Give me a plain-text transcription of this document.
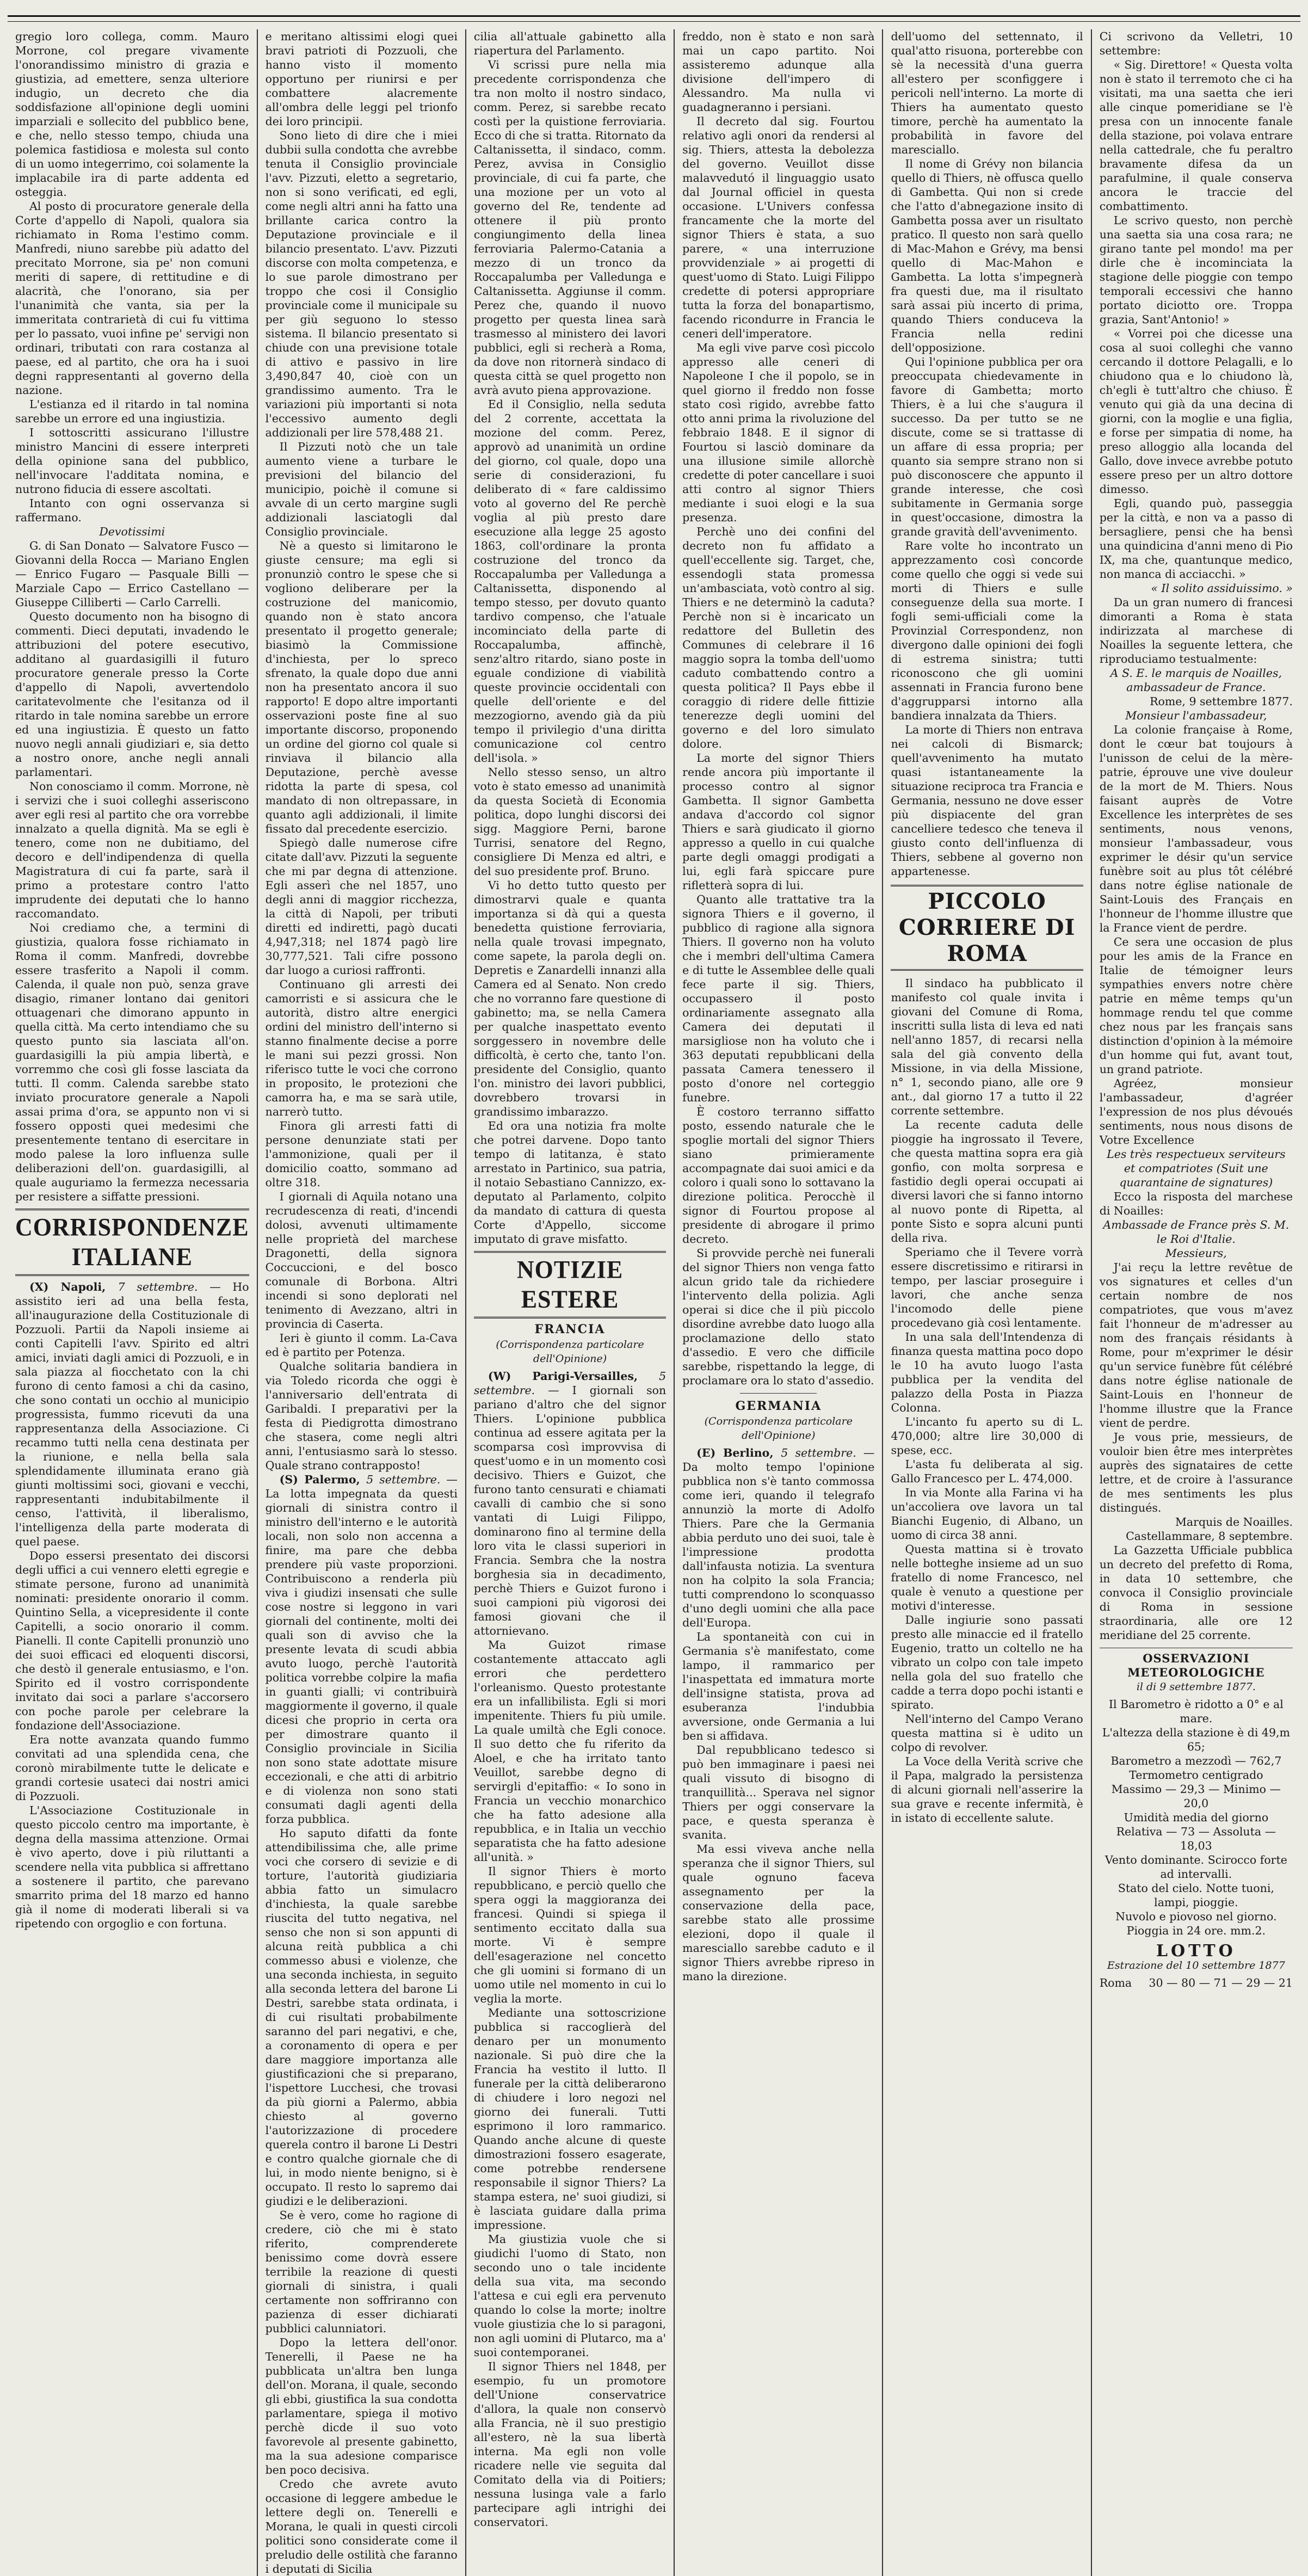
gregio loro collega, comm. Mauro Morrone, col pregare vivamente l'onorandissimo ministro di grazia e giustizia, ad emettere, senza ulteriore indugio, un decreto che dia soddisfazione all'opinione degli uomini imparziali e sollecito del pubblico bene, e che, nello stesso tempo, chiuda una polemica fastidiosa e molesta sul conto di un uomo integerrimo, coi solamente la implacabile ira di parte addenta ed osteggia.

Al posto di procuratore generale della Corte d'appello di Napoli, qualora sia richiamato in Roma l'estimo comm. Manfredi, niuno sarebbe più adatto del precitato Morrone, sia pe' non comuni meriti di sapere, di rettitudine e di alacrità, che l'onorano, sia per l'unanimità che vanta, sia per la immeritata contrarietà di cui fu vittima per lo passato, vuoi infine pe' servigi non ordinari, tributati con rara costanza al paese, ed al partito, che ora ha i suoi degni rappresentanti al governo della nazione.

L'estianza ed il ritardo in tal nomina sarebbe un errore ed una ingiustizia.

I sottoscritti assicurano l'illustre ministro Mancini di essere interpreti della opinione sana del pubblico, nell'invocare l'additata nomina, e nutrono fiducia di essere ascoltati.

Intanto con ogni osservanza si raffermano.

Devotissimi

G. di San Donato — Salvatore Fusco — Giovanni della Rocca — Mariano Englen — Enrico Fugaro — Pasquale Billi — Marziale Capo — Errico Castellano — Giuseppe Cilliberti — Carlo Carrelli.

Questo documento non ha bisogno di commenti. Dieci deputati, invadendo le attribuzioni del potere esecutivo, additano al guardasigilli il futuro procuratore generale presso la Corte d'appello di Napoli, avvertendolo caritatevolmente che l'esitanza od il ritardo in tale nomina sarebbe un errore ed una ingiustizia. È questo un fatto nuovo negli annali giudiziari e, sia detto a nostro onore, anche negli annali parlamentari.

Non conosciamo il comm. Morrone, nè i servizi che i suoi colleghi asseriscono aver egli resi al partito che ora vorrebbe innalzato a quella dignità. Ma se egli è tenero, come non ne dubitiamo, del decoro e dell'indipendenza di quella Magistratura di cui fa parte, sarà il primo a protestare contro l'atto imprudente dei deputati che lo hanno raccomandato.

Noi crediamo che, a termini di giustizia, qualora fosse richiamato in Roma il comm. Manfredi, dovrebbe essere trasferito a Napoli il comm. Calenda, il quale non può, senza grave disagio, rimaner lontano dai genitori ottuagenari che dimorano appunto in quella città. Ma certo intendiamo che su questo punto sia lasciata all'on. guardasigilli la più ampia libertà, e vorremmo che così gli fosse lasciata da tutti. Il comm. Calenda sarebbe stato inviato procuratore generale a Napoli assai prima d'ora, se appunto non vi si fossero opposti quei medesimi che presentemente tentano di esercitare in modo palese la loro influenza sulle deliberazioni dell'on. guardasigilli, al quale auguriamo la fermezza necessaria per resistere a siffatte pressioni.

CORRISPONDENZE ITALIANE

(X) Napoli, 7 settembre. — Ho assistito ieri ad una bella festa, all'inaugurazione della Costituzionale di Pozzuoli. Partii da Napoli insieme ai conti Capitelli l'avv. Spirito ed altri amici, inviati dagli amici di Pozzuoli, e in sala piazza al fiocchetato con la chi furono di cento famosi a chi da casino, che sono contati un occhio al municipio progressista, fummo ricevuti da una rappresentanza della Associazione. Ci recammo tutti nella cena destinata per la riunione, e nella bella sala splendidamente illuminata erano già giunti moltissimi soci, giovani e vecchi, rappresentanti indubitabilmente il censo, l'attività, il liberalismo, l'intelligenza della parte moderata di quel paese.

Dopo essersi presentato dei discorsi degli uffici a cui vennero eletti egregie e stimate persone, furono ad unanimità nominati: presidente onorario il comm. Quintino Sella, a vicepresidente il conte Capitelli, a socio onorario il comm. Pianelli. Il conte Capitelli pronunziò uno dei suoi efficaci ed eloquenti discorsi, che destò il generale entusiasmo, e l'on. Spirito ed il vostro corrispondente invitato dai soci a parlare s'accorsero con poche parole per celebrare la fondazione dell'Associazione.

Era notte avanzata quando fummo convitati ad una splendida cena, che coronò mirabilmente tutte le delicate e grandi cortesie usateci dai nostri amici di Pozzuoli.

L'Associazione Costituzionale in questo piccolo centro ma importante, è degna della massima attenzione. Ormai è vivo aperto, dove i più riluttanti a scendere nella vita pubblica si affrettano a sostenere il partito, che parevano smarrito prima del 18 marzo ed hanno già il nome di moderati liberali si va ripetendo con orgoglio e con fortuna.

e meritano altissimi elogi quei bravi patrioti di Pozzuoli, che hanno visto il momento opportuno per riunirsi e per combattere alacremente all'ombra delle leggi pel trionfo dei loro principii.

Sono lieto di dire che i miei dubbii sulla condotta che avrebbe tenuta il Consiglio provinciale l'avv. Pizzuti, eletto a segretario, non si sono verificati, ed egli, come negli altri anni ha fatto una brillante carica contro la Deputazione provinciale e il bilancio presentato. L'avv. Pizzuti discorse con molta competenza, e lo sue parole dimostrano per troppo che cosi il Consiglio provinciale come il municipale su per giù seguono lo stesso sistema. Il bilancio presentato si chiude con una previsione totale di attivo e passivo in lire 3,490,847 40, cioè con un grandissimo aumento. Tra le variazioni più importanti si nota l'eccessivo aumento degli addizionali per lire 578,488 21.

Il Pizzuti notò che un tale aumento viene a turbare le previsioni del bilancio del municipio, poichè il comune si avvale di un certo margine sugli addizionali lasciatogli dal Consiglio provinciale.

Nè a questo si limitarono le giuste censure; ma egli si pronunziò contro le spese che si vogliono deliberare per la costruzione del manicomio, quando non è stato ancora presentato il progetto generale; biasimò la Commissione d'inchiesta, per lo spreco sfrenato, la quale dopo due anni non ha presentato ancora il suo rapporto! E dopo altre importanti osservazioni poste fine al suo importante discorso, proponendo un ordine del giorno col quale si rinviava il bilancio alla Deputazione, perchè avesse ridotta la parte di spesa, col mandato di non oltrepassare, in quanto agli addizionali, il limite fissato dal precedente esercizio.

Spiegò dalle numerose cifre citate dall'avv. Pizzuti la seguente che mi par degna di attenzione. Egli asserì che nel 1857, uno degli anni di maggior ricchezza, la città di Napoli, per tributi diretti ed indiretti, pagò ducati 4,947,318; nel 1874 pagò lire 30,777,521. Tali cifre possono dar luogo a curiosi raffronti.

Continuano gli arresti dei camorristi e si assicura che le autorità, distro altre energici ordini del ministro dell'interno si stanno finalmente decise a porre le mani sui pezzi grossi. Non riferisco tutte le voci che corrono in proposito, le protezioni che camorra ha, e ma se sarà utile, narrerò tutto.

Finora gli arresti fatti di persone denunziate stati per l'ammonizione, quali per il domicilio coatto, sommano ad oltre 318.

I giornali di Aquila notano una recrudescenza di reati, d'incendi dolosi, avvenuti ultimamente nelle proprietà del marchese Dragonetti, della signora Coccuccioni, e del bosco comunale di Borbona. Altri incendi si sono deplorati nel tenimento di Avezzano, altri in provincia di Caserta.

Ieri è giunto il comm. La-Cava ed è partito per Potenza.

Qualche solitaria bandiera in via Toledo ricorda che oggi è l'anniversario dell'entrata di Garibaldi. I preparativi per la festa di Piedigrotta dimostrano che stasera, come negli altri anni, l'entusiasmo sarà lo stesso. Quale strano contrapposto!

(S) Palermo, 5 settembre. — La lotta impegnata da questi giornali di sinistra contro il ministro dell'interno e le autorità locali, non solo non accenna a finire, ma pare che debba prendere più vaste proporzioni. Contribuiscono a renderla più viva i giudizi insensati che sulle cose nostre si leggono in vari giornali del continente, molti dei quali son di avviso che la presente levata di scudi abbia avuto luogo, perchè l'autorità politica vorrebbe colpire la mafia in guanti gialli; vi contribuirà maggiormente il governo, il quale dicesi che proprio in certa ora per dimostrare quanto il Consiglio provinciale in Sicilia non sono state adottate misure eccezionali, e che atti di arbitrio e di violenza non sono stati consumati dagli agenti della forza pubblica.

Ho saputo difatti da fonte attendibilissima che, alle prime voci che corsero di sevizie e di torture, l'autorità giudiziaria abbia fatto un simulacro d'inchiesta, la quale sarebbe riuscita del tutto negativa, nel senso che non si son appunti di alcuna reità pubblica a chi commesso abusi e violenze, che una seconda inchiesta, in seguito alla seconda lettera del barone Li Destri, sarebbe stata ordinata, i di cui risultati probabilmente saranno del pari negativi, e che, a coronamento di opera e per dare maggiore importanza alle giustificazioni che si preparano, l'ispettore Lucchesi, che trovasi da più giorni a Palermo, abbia chiesto al governo l'autorizzazione di procedere querela contro il barone Li Destri e contro qualche giornale che di lui, in modo niente benigno, si è occupato. Il resto lo sapremo dai giudizi e le deliberazioni.

Se è vero, come ho ragione di credere, ciò che mi è stato riferito, comprenderete benissimo come dovrà essere terribile la reazione di questi giornali di sinistra, i quali certamente non soffriranno con pazienza di esser dichiarati pubblici calunniatori.

Dopo la lettera dell'onor. Tenerelli, il Paese ne ha pubblicata un'altra ben lunga dell'on. Morana, il quale, secondo gli ebbi, giustifica la sua condotta parlamentare, spiega il motivo perchè dicde il suo voto favorevole al presente gabinetto, ma la sua adesione comparisce ben poco decisiva.

Credo che avrete avuto occasione di leggere ambedue le lettere degli on. Tenerelli e Morana, le quali in questi circoli politici sono considerate come il preludio delle ostilità che faranno i deputati di Sicilia

cilia all'attuale gabinetto alla riapertura del Parlamento.

Vi scrissi pure nella mia precedente corrispondenza che tra non molto il nostro sindaco, comm. Perez, si sarebbe recato costì per la quistione ferroviaria. Ecco di che si tratta. Ritornato da Caltanissetta, il sindaco, comm. Perez, avvisa in Consiglio provinciale, di cui fa parte, che una mozione per un voto al governo del Re, tendente ad ottenere il più pronto congiungimento della linea ferroviaria Palermo-Catania a mezzo di un tronco da Roccapalumba per Valledunga e Caltanissetta. Aggiunse il comm. Perez che, quando il nuovo progetto per questa linea sarà trasmesso al ministero dei lavori pubblici, egli si recherà a Roma, da dove non ritornerà sindaco di questa città se quel progetto non avrà avuto piena approvazione.

Ed il Consiglio, nella seduta del 2 corrente, accettata la mozione del comm. Perez, approvò ad unanimità un ordine del giorno, col quale, dopo una serie di considerazioni, fu deliberato di « fare caldissimo voto al governo del Re perchè voglia al più presto dare esecuzione alla legge 25 agosto 1863, coll'ordinare la pronta costruzione del tronco da Roccapalumba per Valledunga a Caltanissetta, disponendo al tempo stesso, per dovuto quanto tardivo compenso, che l'atuale incominciato della parte di Roccapalumba, affinchè, senz'altro ritardo, siano poste in eguale condizione di viabilità queste provincie occidentali con quelle dell'oriente e del mezzogiorno, avendo già da più tempo il privilegio d'una diritta comunicazione col centro dell'isola. »

Nello stesso senso, un altro voto è stato emesso ad unanimità da questa Società di Economia politica, dopo lunghi discorsi dei sigg. Maggiore Perni, barone Turrisi, senatore del Regno, consigliere Di Menza ed altri, e del suo presidente prof. Bruno.

Vi ho detto tutto questo per dimostrarvi quale e quanta importanza si dà qui a questa benedetta quistione ferroviaria, nella quale trovasi impegnato, come sapete, la parola degli on. Depretis e Zanardelli innanzi alla Camera ed al Senato. Non credo che no vorranno fare questione di gabinetto; ma, se nella Camera per qualche inaspettato evento sorggessero in novembre delle difficoltà, è certo che, tanto l'on. presidente del Consiglio, quanto l'on. ministro dei lavori pubblici, dovrebbero trovarsi in grandissimo imbarazzo.

Ed ora una notizia fra molte che potrei darvene. Dopo tanto tempo di latitanza, è stato arrestato in Partinico, sua patria, il notaio Sebastiano Cannizzo, ex-deputato al Parlamento, colpito da mandato di cattura di questa Corte d'Appello, siccome imputato di grave misfatto.

NOTIZIE ESTERE
FRANCIA
(Corrispondenza particolare dell'Opinione)

(W) Parigi-Versailles, 5 settembre. — I giornali son pariano d'altro che del signor Thiers. L'opinione pubblica continua ad essere agitata per la scomparsa così improvvisa di quest'uomo e in un momento così decisivo. Thiers e Guizot, che furono tanto censurati e chiamati cavalli di cambio che si sono vantati di Luigi Filippo, dominarono fino al termine della loro vita le classi superiori in Francia. Sembra che la nostra borghesia sia in decadimento, perchè Thiers e Guizot furono i suoi campioni più vigorosi dei famosi giovani che il attornievano.

Ma Guizot rimase costantemente attaccato agli errori che perdettero l'orleanismo. Questo protestante era un infallibilista. Egli si mori impenitente. Thiers fu più umile. La quale umiltà che Egli conoce. Il suo detto che fu riferito da Aloel, e che ha irritato tanto Veuillot, sarebbe degno di servirgli d'epitaffio: « Io sono in Francia un vecchio monarchico che ha fatto adesione alla repubblica, e in Italia un vecchio separatista che ha fatto adesione all'unità. »

Il signor Thiers è morto repubblicano, e perciò quello che spera oggi la maggioranza dei francesi. Quindi si spiega il sentimento eccitato dalla sua morte. Vi è sempre dell'esagerazione nel concetto che gli uomini si formano di un uomo utile nel momento in cui lo veglia la morte.

Mediante una sottoscrizione pubblica si raccoglierà del denaro per un monumento nazionale. Si può dire che la Francia ha vestito il lutto. Il funerale per la città deliberarono di chiudere i loro negozi nel giorno dei funerali. Tutti esprimono il loro rammarico. Quando anche alcune di queste dimostrazioni fossero esagerate, come potrebbe rendersene responsabile il signor Thiers? La stampa estera, ne' suoi giudizi, si è lasciata guidare dalla prima impressione.

Ma giustizia vuole che si giudichi l'uomo di Stato, non secondo uno o tale incidente della sua vita, ma secondo l'attesa e cui egli era pervenuto quando lo colse la morte; inoltre vuole giustizia che lo si paragoni, non agli uomini di Plutarco, ma a' suoi contemporanei.

Il signor Thiers nel 1848, per esempio, fu un promotore dell'Unione conservatrice d'allora, la quale non conservò alla Francia, nè il suo prestigio all'estero, nè la sua libertà interna. Ma egli non volle ricadere nelle vie seguita dal Comitato della via di Poitiers; nessuna lusinga vale a farlo partecipare agli intrighi dei conservatori.

freddo, non è stato e non sarà mai un capo partito. Noi assisteremo adunque alla divisione dell'impero di Alessandro. Ma nulla vi guadagneranno i persiani.

Il decreto dal sig. Fourtou relativo agli onori da rendersi al sig. Thiers, attesta la debolezza del governo. Veuillot disse malavvedutó il linguaggio usato dal Journal officiel in questa occasione. L'Univers confessa francamente che la morte del signor Thiers è stata, a suo parere, « una interruzione provvidenziale » ai progetti di quest'uomo di Stato. Luigi Filippo credette di potersi appropriare tutta la forza del bonapartismo, facendo ricondurre in Francia le ceneri dell'imperatore.

Ma egli vive parve così piccolo appresso alle ceneri di Napoleone I che il popolo, se in quel giorno il freddo non fosse stato così rigido, avrebbe fatto otto anni prima la rivoluzione del febbraio 1848. E il signor di Fourtou si lasciò dominare da una illusione simile allorchè credette di poter cancellare i suoi atti contro al signor Thiers mediante i suoi elogi e la sua presenza.

Perchè uno dei confini del decreto non fu affidato a quell'eccellente sig. Target, che, essendogli stata promessa un'ambasciata, votò contro al sig. Thiers e ne determinò la caduta? Perchè non si è incaricato un redattore del Bulletin des Communes di celebrare il 16 maggio sopra la tomba dell'uomo caduto combattendo contro a questa politica? Il Pays ebbe il coraggio di ridere delle fittizie tenerezze degli uomini del governo e del loro simulato dolore.

La morte del signor Thiers rende ancora più importante il processo contro al signor Gambetta. Il signor Gambetta andava d'accordo col signor Thiers e sarà giudicato il giorno appresso a quello in cui qualche parte degli omaggi prodigati a lui, egli farà spiccare pure rifletterà sopra di lui.

Quanto alle trattative tra la signora Thiers e il governo, il pubblico di ragione alla signora Thiers. Il governo non ha voluto che i membri dell'ultima Camera e di tutte le Assemblee delle quali fece parte il sig. Thiers, occupassero il posto ordinariamente assegnato alla Camera dei deputati il marsigliose non ha voluto che i 363 deputati repubblicani della passata Camera tenessero il posto d'onore nel corteggio funebre.

È costoro terranno siffatto posto, essendo naturale che le spoglie mortali del signor Thiers siano primieramente accompagnate dai suoi amici e da coloro i quali sono lo sottavano la direzione politica. Perocchè il signor di Fourtou propose al presidente di abrogare il primo decreto.

Si provvide perchè nei funerali del signor Thiers non venga fatto alcun grido tale da richiedere l'intervento della polizia. Agli operai si dice che il più piccolo disordine avrebbe dato luogo alla proclamazione dello stato d'assedio. E vero che difficile sarebbe, rispettando la legge, di proclamare ora lo stato d'assedio.

GERMANIA
(Corrispondenza particolare dell'Opinione)

(E) Berlino, 5 settembre. — Da molto tempo l'opinione pubblica non s'è tanto commossa come ieri, quando il telegrafo annunziò la morte di Adolfo Thiers. Pare che la Germania abbia perduto uno dei suoi, tale è l'impressione prodotta dall'infausta notizia. La sventura non ha colpito la sola Francia; tutti comprendono lo sconquasso d'uno degli uomini che alla pace dell'Europa.

La spontaneità con cui in Germania s'è manifestato, come lampo, il rammarico per l'inaspettata ed immatura morte dell'insigne statista, prova ad esuberanza l'indubbia avversione, onde Germania a lui ben si affidava.

Dal repubblicano tedesco si può ben immaginare i paesi nei quali vissuto di bisogno di tranquillità... Sperava nel signor Thiers per oggi conservare la pace, e questa speranza è svanita.

Ma essi viveva anche nella speranza che il signor Thiers, sul quale ognuno faceva assegnamento per la conservazione della pace, sarebbe stato alle prossime elezioni, dopo il quale il maresciallo sarebbe caduto e il signor Thiers avrebbe ripreso in mano la direzione.

dell'uomo del settennato, il qual'atto risuona, porterebbe con sè la necessità d'una guerra all'estero per sconfiggere i pericoli nell'interno. La morte di Thiers ha aumentato questo timore, perchè ha aumentato la probabilità in favore del maresciallo.

Il nome di Grévy non bilancia quello di Thiers, nè offusca quello di Gambetta. Qui non si crede che l'atto d'abnegazione insito di Gambetta possa aver un risultato pratico. Il questo non sarà quello di Mac-Mahon e Grévy, ma bensi quello di Mac-Mahon e Gambetta. La lotta s'impegnerà fra questi due, ma il risultato sarà assai più incerto di prima, quando Thiers conduceva la Francia nella redini dell'opposizione.

Qui l'opinione pubblica per ora preoccupata chiedevamente in favore di Gambetta; morto Thiers, è a lui che s'augura il successo. Da per tutto se ne discute, come se si trattasse di un affare di essa propria; per quanto sia sempre strano non si può disconoscere che appunto il grande interesse, che così subitamente in Germania sorge in quest'occasione, dimostra la grande gravità dell'avvenimento.

Rare volte ho incontrato un apprezzamento così concorde come quello che oggi si vede sui morti di Thiers e sulle conseguenze della sua morte. I fogli semi-ufficiali come la Provinzial Correspondenz, non divergono dalle opinioni dei fogli di estrema sinistra; tutti riconoscono che gli uomini assennati in Francia furono bene d'aggrupparsi intorno alla bandiera innalzata da Thiers.

La morte di Thiers non entrava nei calcoli di Bismarck; quell'avvenimento ha mutato quasi istantaneamente la situazione reciproca tra Francia e Germania, nessuno ne dove esser più dispiacente del gran cancelliere tedesco che teneva il giusto conto dell'influenza di Thiers, sebbene al governo non appartenesse.

PICCOLO CORRIERE DI ROMA

Il sindaco ha pubblicato il manifesto col quale invita i giovani del Comune di Roma, inscritti sulla lista di leva ed nati nell'anno 1857, di recarsi nella sala del già convento della Missione, in via della Missione, n° 1, secondo piano, alle ore 9 ant., dal giorno 17 a tutto il 22 corrente settembre.

La recente caduta delle pioggie ha ingrossato il Tevere, che questa mattina sopra era già gonfio, con molta sorpresa e fastidio degli operai occupati ai diversi lavori che si fanno intorno al nuovo ponte di Ripetta, al ponte Sisto e sopra alcuni punti della riva.

Speriamo che il Tevere vorrà essere discretissimo e ritirarsi in tempo, per lasciar proseguire i lavori, che anche senza l'incomodo delle piene procedevano già così lentamente.

In una sala dell'Intendenza di finanza questa mattina poco dopo le 10 ha avuto luogo l'asta pubblica per la vendita del palazzo della Posta in Piazza Colonna.

L'incanto fu aperto su di L. 470,000; altre lire 30,000 di spese, ecc.

L'asta fu deliberata al sig. Gallo Francesco per L. 474,000.

In via Monte alla Farina vi ha un'accoliera ove lavora un tal Bianchi Eugenio, di Albano, un uomo di circa 38 anni.

Questa mattina si è trovato nelle botteghe insieme ad un suo fratello di nome Francesco, nel quale è venuto a questione per motivi d'interesse.

Dalle ingiurie sono passati presto alle minaccie ed il fratello Eugenio, tratto un coltello ne ha vibrato un colpo con tale impeto nella gola del suo fratello che cadde a terra dopo pochi istanti e spirato.

Nell'interno del Campo Verano questa mattina si è udito un colpo di revolver.

La Voce della Verità scrive che il Papa, malgrado la persistenza di alcuni giornali nell'asserire la sua grave e recente infermità, è in istato di eccellente salute.

Ci scrivono da Velletri, 10 settembre:

« Sig. Direttore! « Questa volta non è stato il terremoto che ci ha visitati, ma una saetta che ieri alle cinque pomeridiane se l'è presa con un innocente fanale della stazione, poi volava entrare nella cattedrale, che fu peraltro bravamente difesa da un parafulmine, il quale conserva ancora le traccie del combattimento.

Le scrivo questo, non perchè una saetta sia una cosa rara; ne girano tante pel mondo! ma per dirle che è incominciata la stagione delle pioggie con tempo temporali eccessivi che hanno portato diciotto ore. Troppa grazia, Sant'Antonio! »

« Vorrei poi che dicesse una cosa al suoi colleghi che vanno cercando il dottore Pelagalli, e lo chiudono qua e lo chiudono là, ch'egli è tutt'altro che chiuso. È venuto qui già da una decina di giorni, con la moglie e una figlia, e forse per simpatia di nome, ha preso alloggio alla locanda del Gallo, dove invece avrebbe potuto essere preso per un altro dottore dimesso.

Egli, quando può, passeggia per la città, e non va a passo di bersagliere, pensi che ha bensì una quindicina d'anni meno di Pio IX, ma che, quantunque medico, non manca di acciacchi. »

« Il solito assiduissimo. »

Da un gran numero di francesi dimoranti a Roma è stata indirizzata al marchese di Noailles la seguente lettera, che riproduciamo testualmente:

A S. E. le marquis de Noailles, ambassadeur de France.

Rome, 9 settembre 1877.

Monsieur l'ambassadeur,

La colonie française à Rome, dont le cœur bat toujours à l'unisson de celui de la mère-patrie, éprouve une vive douleur de la mort de M. Thiers. Nous faisant auprès de Votre Excellence les interprètes de ses sentiments, nous venons, monsieur l'ambassadeur, vous exprimer le désir qu'un service funèbre soit au plus tôt célébré dans notre église nationale de Saint-Louis des Français en l'honneur de l'homme illustre que la France vient de perdre.

Ce sera une occasion de plus pour les amis de la France en Italie de témoigner leurs sympathies envers notre chère patrie en même temps qu'un hommage rendu tel que comme chez nous par les français sans distinction d'opinion à la mémoire d'un homme qui fut, avant tout, un grand patriote.

Agréez, monsieur l'ambassadeur, d'agréer l'expression de nos plus dévoués sentiments, nous nous disons de Votre Excellence

Les très respectueux serviteurs et compatriotes (Suit une quarantaine de signatures)

Ecco la risposta del marchese di Noailles:

Ambassade de France près S. M. le Roi d'Italie.

Messieurs,

J'ai reçu la lettre revêtue de vos signatures et celles d'un certain nombre de nos compatriotes, que vous m'avez fait l'honneur de m'adresser au nom des français résidants à Rome, pour m'exprimer le désir qu'un service funèbre fût célébré dans notre église nationale de Saint-Louis en l'honneur de l'homme illustre que la France vient de perdre.

Je vous prie, messieurs, de vouloir bien être mes interprètes auprès des signataires de cette lettre, et de croire à l'assurance de mes sentiments les plus distingués.

Marquis de Noailles. Castellammare, 8 septembre.

La Gazzetta Ufficiale pubblica un decreto del prefetto di Roma, in data 10 settembre, che convoca il Consiglio provinciale di Roma in sessione straordinaria, alle ore 12 meridiane del 25 corrente.

OSSERVAZIONI METEOROLOGICHE
il di 9 settembre 1877.
Il Barometro è ridotto a 0° e al mare.
L'altezza della stazione è di 49,m 65;
Barometro a mezzodì — 762,7
Termometro centigrado
Massimo — 29,3 — Minimo — 20,0
Umidità media del giorno
Relativa — 73 — Assoluta — 18,03
Vento dominante. Scirocco forte ad intervalli.
Stato del cielo. Notte tuoni, lampi, pioggie.
Nuvolo e piovoso nel giorno.
Pioggia in 24 ore. mm.2.
LOTTO
Estrazione del 10 settembre 1877
Roma 30 — 80 — 71 — 29 — 21
